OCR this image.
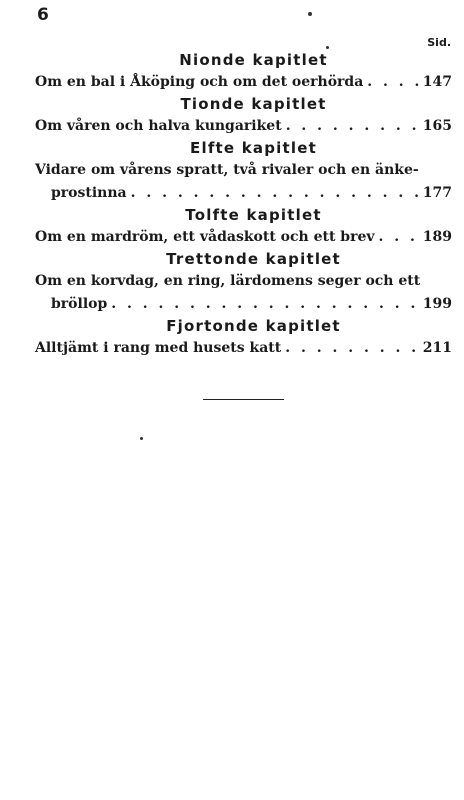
6
Sid.
Nionde kapitlet
Om en bal i Åköping och om det oerhörda . . .	147
Tionde kapitlet
Om våren och halva kungariket . . .	165
Elfte kapitlet
Vidare om vårens spratt, två rivaler och en änke-
prostinna . . .	177
Tolfte kapitlet
Om en mardröm, ett vådaskott och ett brev . . .	189
Trettonde kapitlet
Om en korvdag, en ring, lärdomens seger och ett
bröllop . . .	199
Fjortonde kapitlet
Alltjämt i rang med husets katt . . .	211
